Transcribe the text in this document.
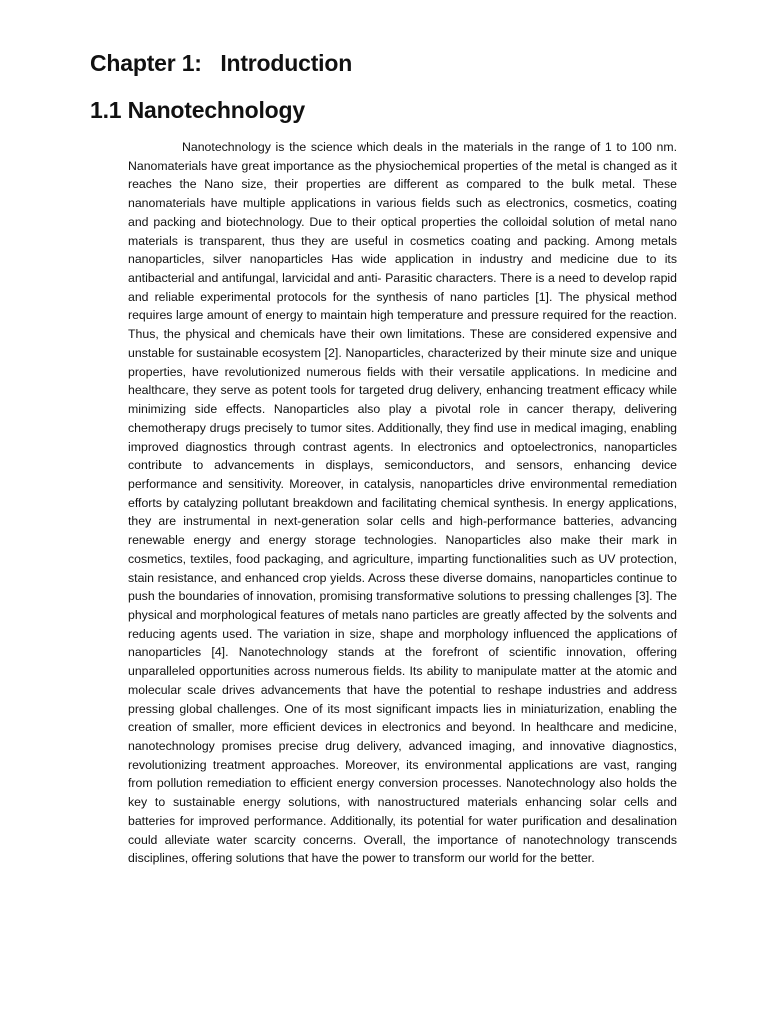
Chapter 1:   Introduction
1.1 Nanotechnology

Nanotechnology is the science which deals in the materials in the range of 1 to 100 nm. Nanomaterials have great importance as the physiochemical properties of the metal is changed as it reaches the Nano size, their properties are different as compared to the bulk metal. These nanomaterials have multiple applications in various fields such as electronics, cosmetics, coating and packing and biotechnology. Due to their optical properties the colloidal solution of metal nano materials is transparent, thus they are useful in cosmetics coating and packing. Among metals nanoparticles, silver nanoparticles Has wide application in industry and medicine due to its antibacterial and antifungal, larvicidal and anti- Parasitic characters. There is a need to develop rapid and reliable experimental protocols for the synthesis of nano particles [1]. The physical method requires large amount of energy to maintain high temperature and pressure required for the reaction. Thus, the physical and chemicals have their own limitations. These are considered expensive and unstable for sustainable ecosystem [2]. Nanoparticles, characterized by their minute size and unique properties, have revolutionized numerous fields with their versatile applications. In medicine and healthcare, they serve as potent tools for targeted drug delivery, enhancing treatment efficacy while minimizing side effects. Nanoparticles also play a pivotal role in cancer therapy, delivering chemotherapy drugs precisely to tumor sites. Additionally, they find use in medical imaging, enabling improved diagnostics through contrast agents. In electronics and optoelectronics, nanoparticles contribute to advancements in displays, semiconductors, and sensors, enhancing device performance and sensitivity. Moreover, in catalysis, nanoparticles drive environmental remediation efforts by catalyzing pollutant breakdown and facilitating chemical synthesis. In energy applications, they are instrumental in next-generation solar cells and high-performance batteries, advancing renewable energy and energy storage technologies. Nanoparticles also make their mark in cosmetics, textiles, food packaging, and agriculture, imparting functionalities such as UV protection, stain resistance, and enhanced crop yields. Across these diverse domains, nanoparticles continue to push the boundaries of innovation, promising transformative solutions to pressing challenges [3]. The physical and morphological features of metals nano particles are greatly affected by the solvents and reducing agents used. The variation in size, shape and morphology influenced the applications of nanoparticles [4]. Nanotechnology stands at the forefront of scientific innovation, offering unparalleled opportunities across numerous fields. Its ability to manipulate matter at the atomic and molecular scale drives advancements that have the potential to reshape industries and address pressing global challenges. One of its most significant impacts lies in miniaturization, enabling the creation of smaller, more efficient devices in electronics and beyond. In healthcare and medicine, nanotechnology promises precise drug delivery, advanced imaging, and innovative diagnostics, revolutionizing treatment approaches. Moreover, its environmental applications are vast, ranging from pollution remediation to efficient energy conversion processes. Nanotechnology also holds the key to sustainable energy solutions, with nanostructured materials enhancing solar cells and batteries for improved performance. Additionally, its potential for water purification and desalination could alleviate water scarcity concerns. Overall, the importance of nanotechnology transcends disciplines, offering solutions that have the power to transform our world for the better.
